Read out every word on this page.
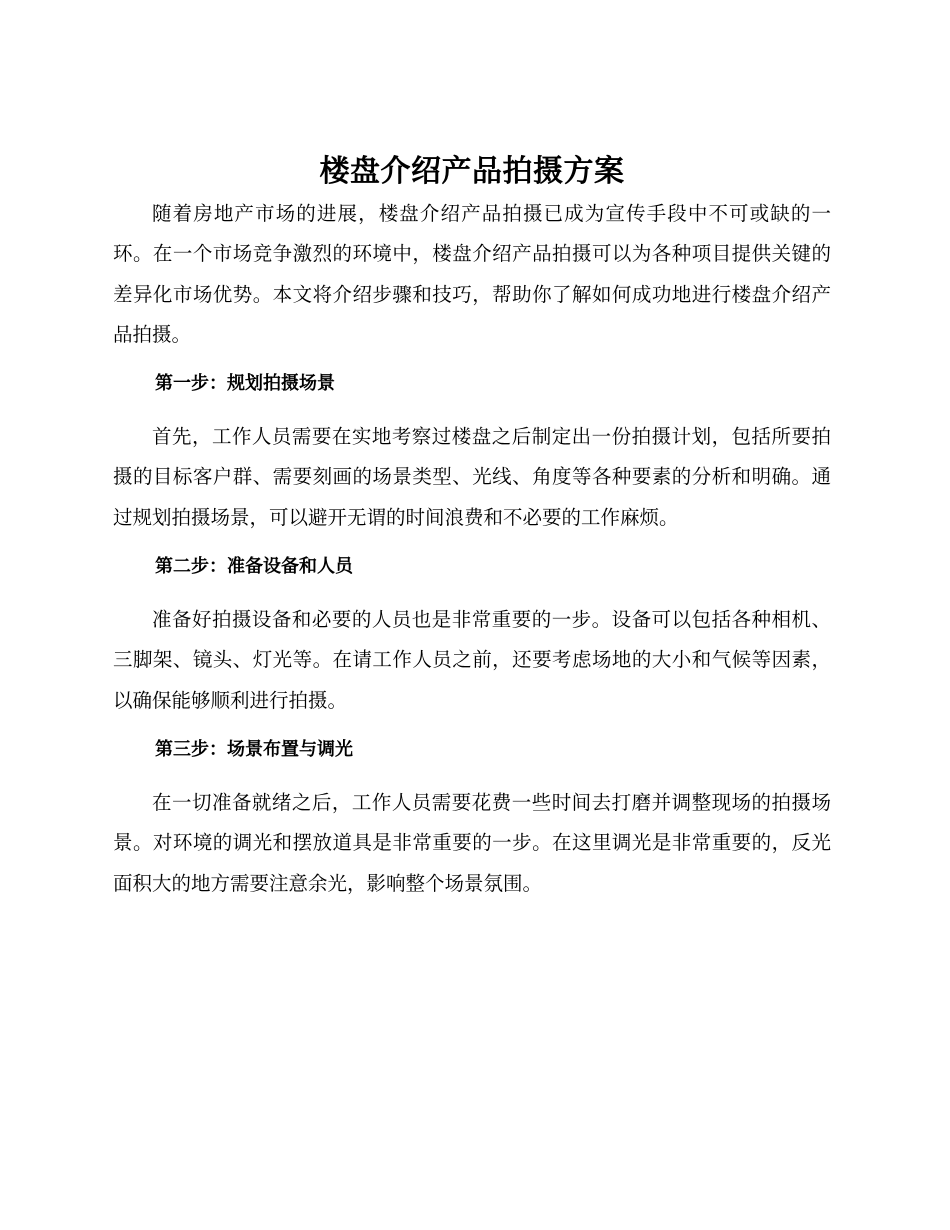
楼盘介绍产品拍摄方案

随着房地产市场的进展，楼盘介绍产品拍摄已成为宣传手段中不可或缺的一环。在一个市场竞争激烈的环境中，楼盘介绍产品拍摄可以为各种项目提供关键的差异化市场优势。本文将介绍步骤和技巧，帮助你了解如何成功地进行楼盘介绍产品拍摄。

第一步：规划拍摄场景

首先，工作人员需要在实地考察过楼盘之后制定出一份拍摄计划，包括所要拍摄的目标客户群、需要刻画的场景类型、光线、角度等各种要素的分析和明确。通过规划拍摄场景，可以避开无谓的时间浪费和不必要的工作麻烦。

第二步：准备设备和人员

准备好拍摄设备和必要的人员也是非常重要的一步。设备可以包括各种相机、三脚架、镜头、灯光等。在请工作人员之前，还要考虑场地的大小和气候等因素，以确保能够顺利进行拍摄。

第三步：场景布置与调光

在一切准备就绪之后，工作人员需要花费一些时间去打磨并调整现场的拍摄场景。对环境的调光和摆放道具是非常重要的一步。在这里调光是非常重要的，反光面积大的地方需要注意余光，影响整个场景氛围。
